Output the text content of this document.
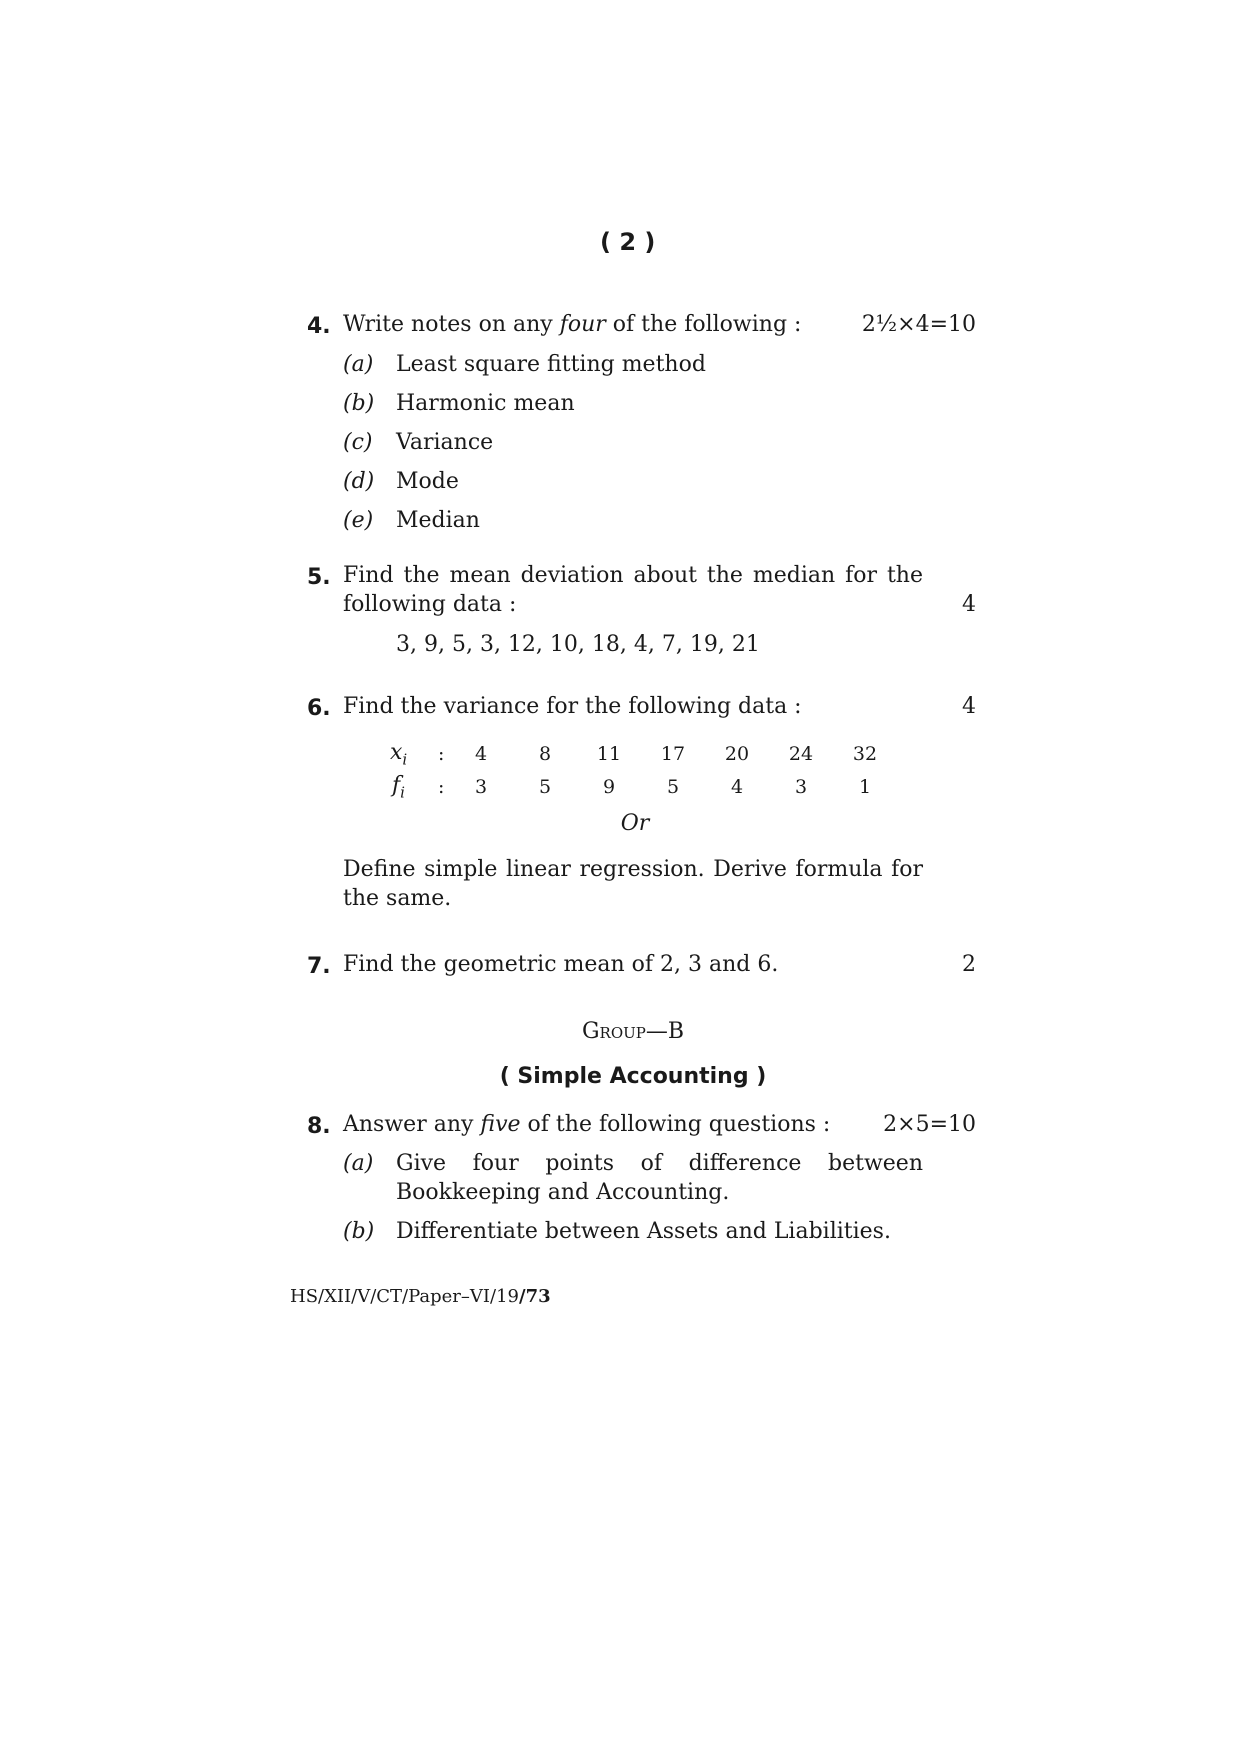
( 2 )
4. Write notes on any four of the following :	2½×4=10
(a) Least square fitting method
(b) Harmonic mean
(c) Variance
(d) Mode
(e) Median
5. Find the mean deviation about the median for the
following data :	4
3, 9, 5, 3, 12, 10, 18, 4, 7, 19, 21
6. Find the variance for the following data :	4
$x_i$ :	4	8	11	17	20	24	32
$f_i$ :	3	5	9	5	4	3	1
Or
Define simple linear regression. Derive formula for
the same.
7. Find the geometric mean of 2, 3 and 6.	2
Group—B
( Simple Accounting )
8. Answer any five of the following questions :	2×5=10
(a) Give four points of difference between
Bookkeeping and Accounting.
(b) Differentiate between Assets and Liabilities.
HS/XII/V/CT/Paper–VI/19/73
